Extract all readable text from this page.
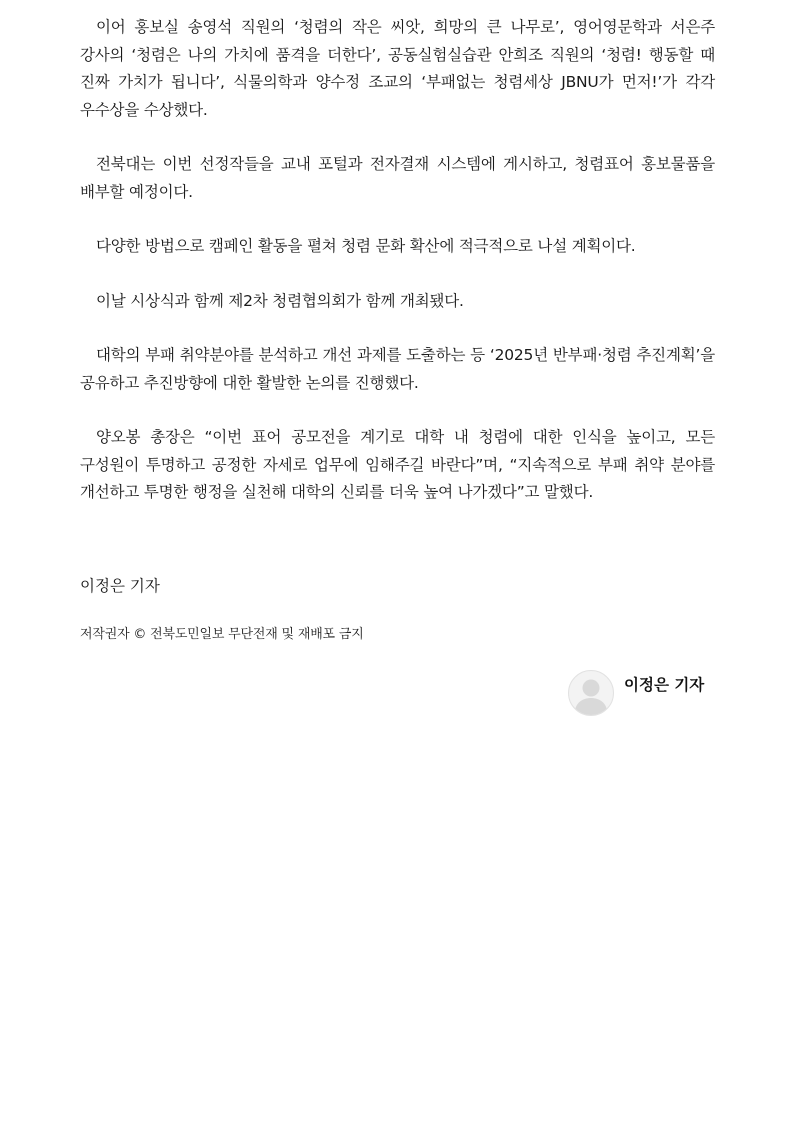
이어 홍보실 송영석 직원의 ‘청렴의 작은 씨앗, 희망의 큰 나무로’, 영어영문학과 서은주 강사의 ‘청렴은 나의 가치에 품격을 더한다’, 공동실험실습관 안희조 직원의 ‘청렴! 행동할 때 진짜 가치가 됩니다’, 식물의학과 양수정 조교의 ‘부패없는 청렴세상 JBNU가 먼저!’가 각각 우수상을 수상했다.

전북대는 이번 선정작들을 교내 포털과 전자결재 시스템에 게시하고, 청렴표어 홍보물품을 배부할 예정이다.

다양한 방법으로 캠페인 활동을 펼쳐 청렴 문화 확산에 적극적으로 나설 계획이다.

이날 시상식과 함께 제2차 청렴협의회가 함께 개최됐다.

대학의 부패 취약분야를 분석하고 개선 과제를 도출하는 등 ‘2025년 반부패·청렴 추진계획’을 공유하고 추진방향에 대한 활발한 논의를 진행했다.

양오봉 총장은 “이번 표어 공모전을 계기로 대학 내 청렴에 대한 인식을 높이고, 모든 구성원이 투명하고 공정한 자세로 업무에 임해주길 바란다”며, “지속적으로 부패 취약 분야를 개선하고 투명한 행정을 실천해 대학의 신뢰를 더욱 높여 나가겠다”고 말했다.

이정은 기자
저작권자 © 전북도민일보 무단전재 및 재배포 금지
이정은 기자
